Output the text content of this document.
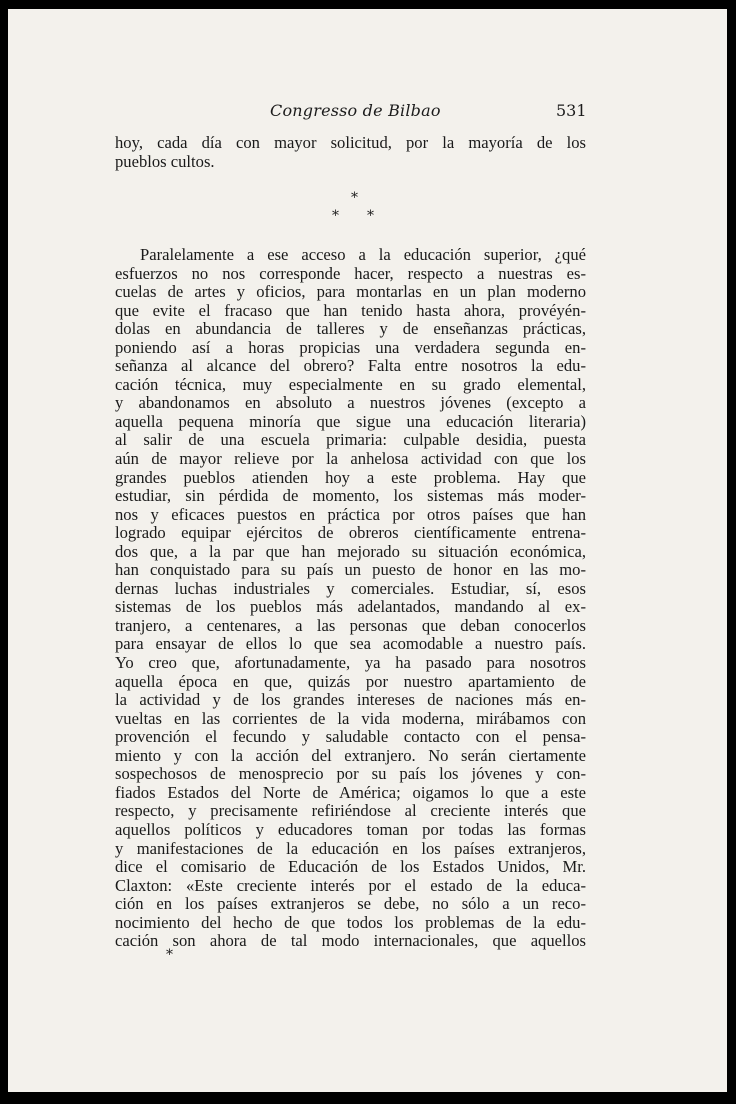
Congresso de Bilbao	531
hoy, cada día con mayor solicitud, por la mayoría de los
pueblos cultos.
*
* *
Paralelamente a ese acceso a la educación superior, ¿qué
esfuerzos no nos corresponde hacer, respecto a nuestras es-
cuelas de artes y oficios, para montarlas en un plan moderno
que evite el fracaso que han tenido hasta ahora, provéyén-
dolas en abundancia de talleres y de enseñanzas prácticas,
poniendo así a horas propicias una verdadera segunda en-
señanza al alcance del obrero? Falta entre nosotros la edu-
cación técnica, muy especialmente en su grado elemental,
y abandonamos en absoluto a nuestros jóvenes (excepto a
aquella pequena minoría que sigue una educación literaria)
al salir de una escuela primaria: culpable desidia, puesta
aún de mayor relieve por la anhelosa actividad con que los
grandes pueblos atienden hoy a este problema. Hay que
estudiar, sin pérdida de momento, los sistemas más moder-
nos y eficaces puestos en práctica por otros países que han
logrado equipar ejércitos de obreros científicamente entrena-
dos que, a la par que han mejorado su situación económica,
han conquistado para su país un puesto de honor en las mo-
dernas luchas industriales y comerciales. Estudiar, sí, esos
sistemas de los pueblos más adelantados, mandando al ex-
tranjero, a centenares, a las personas que deban conocerlos
para ensayar de ellos lo que sea acomodable a nuestro país.
Yo creo que, afortunadamente, ya ha pasado para nosotros
aquella época en que, quizás por nuestro apartamiento de
la actividad y de los grandes intereses de naciones más en-
vueltas en las corrientes de la vida moderna, mirábamos con
provención el fecundo y saludable contacto con el pensa-
miento y con la acción del extranjero. No serán ciertamente
sospechosos de menosprecio por su país los jóvenes y con-
fiados Estados del Norte de América; oigamos lo que a este
respecto, y precisamente refiriéndose al creciente interés que
aquellos políticos y educadores toman por todas las formas
y manifestaciones de la educación en los países extranjeros,
dice el comisario de Educación de los Estados Unidos, Mr.
Claxton: «Este creciente interés por el estado de la educa-
ción en los países extranjeros se debe, no sólo a un reco-
nocimiento del hecho de que todos los problemas de la edu-
cación son ahora de tal modo internacionales, que aquellos
*
